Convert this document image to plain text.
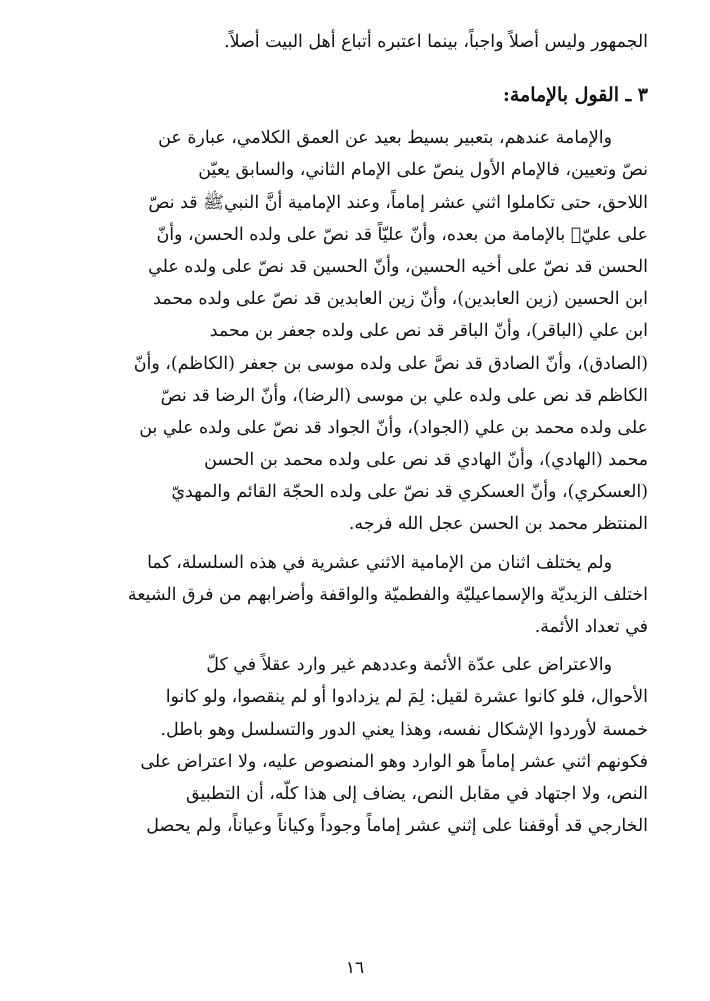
الجمهور وليس أصلاً واجباً، بينما اعتبره أتباع أهل البيت أصلاً.
٣ ـ القول بالإمامة:
والإمامة عندهم، بتعبير بسيط بعيد عن العمق الكلامي، عبارة عن
نصّ وتعيين، فالإمام الأول ينصّ على الإمام الثاني، والسابق يعيّن
اللاحق، حتى تكاملوا اثني عشر إماماً، وعند الإمامية أنَّ النبيﷺ قد نصّ
على عليّ﷣ بالإمامة من بعده، وأنّ عليّاً قد نصّ على ولده الحسن، وأنّ
الحسن قد نصّ على أخيه الحسين، وأنّ الحسين قد نصّ على ولده علي
ابن الحسين (زين العابدين)، وأنّ زين العابدين قد نصّ على ولده محمد
ابن علي (الباقر)، وأنّ الباقر قد نص على ولده جعفر بن محمد
(الصادق)، وأنّ الصادق قد نصَّ على ولده موسى بن جعفر (الكاظم)، وأنّ
الكاظم قد نص على ولده علي بن موسى (الرضا)، وأنّ الرضا قد نصّ
على ولده محمد بن علي (الجواد)، وأنّ الجواد قد نصّ على ولده علي بن
محمد (الهادي)، وأنّ الهادي قد نص على ولده محمد بن الحسن
(العسكري)، وأنّ العسكري قد نصّ على ولده الحجّة القائم والمهديّ
المنتظر محمد بن الحسن عجل الله فرجه.
ولم يختلف اثنان من الإمامية الاثني عشرية في هذه السلسلة، كما
اختلف الزيديّة والإسماعيليّة والفطميّة والواقفة وأضرابهم من فرق الشيعة
في تعداد الأئمة.
والاعتراض على عدّة الأئمة وعددهم غير وارد عقلاً في كلّ
الأحوال، فلو كانوا عشرة لقيل: لِمَ لم يزدادوا أو لم ينقصوا، ولو كانوا
خمسة لأوردوا الإشكال نفسه، وهذا يعني الدور والتسلسل وهو باطل.
فكونهم اثني عشر إماماً هو الوارد وهو المنصوص عليه، ولا اعتراض على
النص، ولا اجتهاد في مقابل النص، يضاف إلى هذا كلّه، أن التطبيق
الخارجي قد أوقفنا على إثني عشر إماماً وجوداً وكياناً وعياناً، ولم يحصل
١٦
